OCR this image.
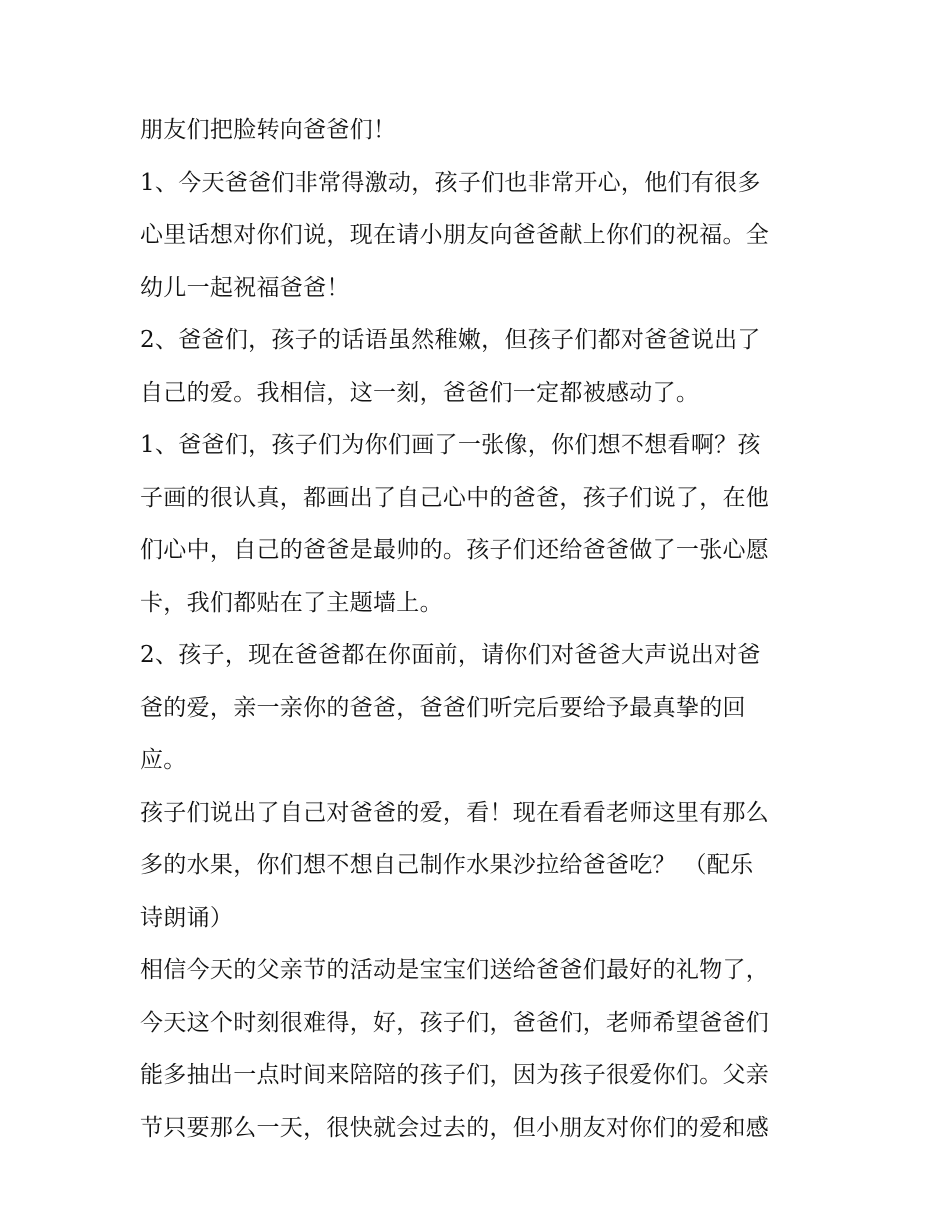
朋友们把脸转向爸爸们！
1、今天爸爸们非常得激动，孩子们也非常开心，他们有很多
心里话想对你们说，现在请小朋友向爸爸献上你们的祝福。全
幼儿一起祝福爸爸！
2、爸爸们，孩子的话语虽然稚嫩，但孩子们都对爸爸说出了
自己的爱。我相信，这一刻，爸爸们一定都被感动了。
1、爸爸们，孩子们为你们画了一张像，你们想不想看啊？孩
子画的很认真，都画出了自己心中的爸爸，孩子们说了，在他
们心中，自己的爸爸是最帅的。孩子们还给爸爸做了一张心愿
卡，我们都贴在了主题墙上。
2、孩子，现在爸爸都在你面前，请你们对爸爸大声说出对爸
爸的爱，亲一亲你的爸爸，爸爸们听完后要给予最真挚的回
应。
孩子们说出了自己对爸爸的爱，看！现在看看老师这里有那么
多的水果，你们想不想自己制作水果沙拉给爸爸吃？ （配乐
诗朗诵）
相信今天的父亲节的活动是宝宝们送给爸爸们最好的礼物了，
今天这个时刻很难得，好，孩子们，爸爸们，老师希望爸爸们
能多抽出一点时间来陪陪的孩子们，因为孩子很爱你们。父亲
节只要那么一天，很快就会过去的，但小朋友对你们的爱和感
